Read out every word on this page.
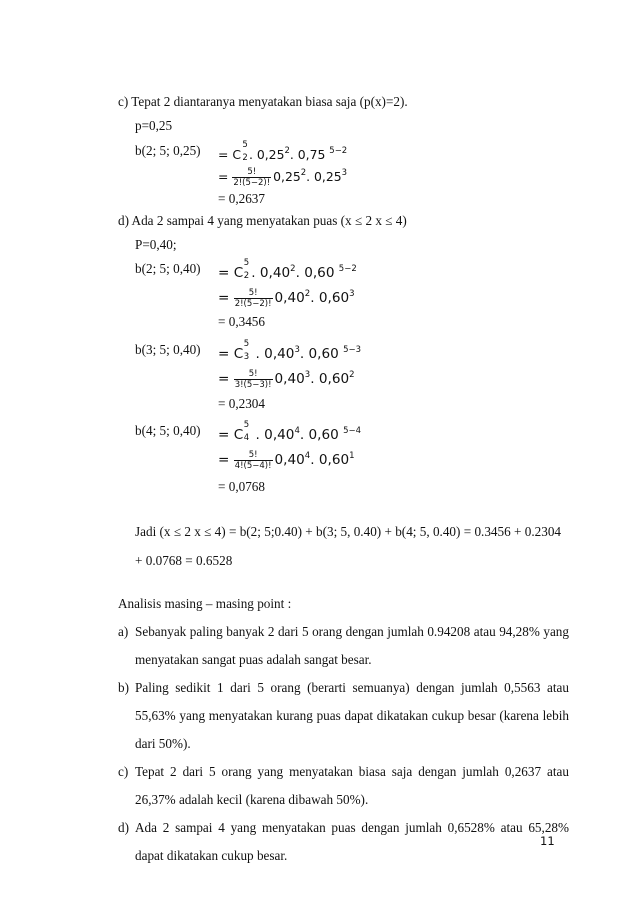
c) Tepat 2 diantaranya menyatakan biasa saja (p(x)=2).
p=0,25
b(2; 5; 0,25) = C
5
2 . 0,25$^2$. 0,75 $^{5-2}$
= $\frac{5!}{2!(5-2)!} 0,25^2$. $0,25^3$
= 0,2637
d) Ada 2 sampai 4 yang menyatakan puas (x ≤ 2 x ≤ 4)
P=0,40;
b(2; 5; 0,40) = C
5
2 . 0,40$^2$. 0,60 $^{5-2}$
= $\frac{5!}{2!(5-2)!} 0,40^2$. $0,60^3$
= 0,3456
b(3; 5; 0,40) = C
5
3 . 0,40$^3$. 0,60 $^{5-3}$
= $\frac{5!}{3!(5-3)!} 0,40^3$. $0,60^2$
= 0,2304
b(4; 5; 0,40) = C
5
4 . 0,40$^4$. 0,60 $^{5-4}$
= $\frac{5!}{4!(5-4)!} 0,40^4$. $0,60^1$
= 0,0768
Jadi (x ≤ 2 x ≤ 4) = b(2; 5;0.40) + b(3; 5, 0.40) + b(4; 5, 0.40) = 0.3456 + 0.2304
+ 0.0768 = 0.6528
Analisis masing – masing point :
a) Sebanyak paling banyak 2 dari 5 orang dengan jumlah 0.94208 atau 94,28% yang
menyatakan sangat puas adalah sangat besar.
b) Paling sedikit 1 dari 5 orang (berarti semuanya) dengan jumlah 0,5563 atau
55,63% yang menyatakan kurang puas dapat dikatakan cukup besar (karena lebih
dari 50%).
c) Tepat 2 dari 5 orang yang menyatakan biasa saja dengan jumlah 0,2637 atau
26,37% adalah kecil (karena dibawah 50%).
d) Ada 2 sampai 4 yang menyatakan puas dengan jumlah 0,6528% atau 65,28%
dapat dikatakan cukup besar.
11
